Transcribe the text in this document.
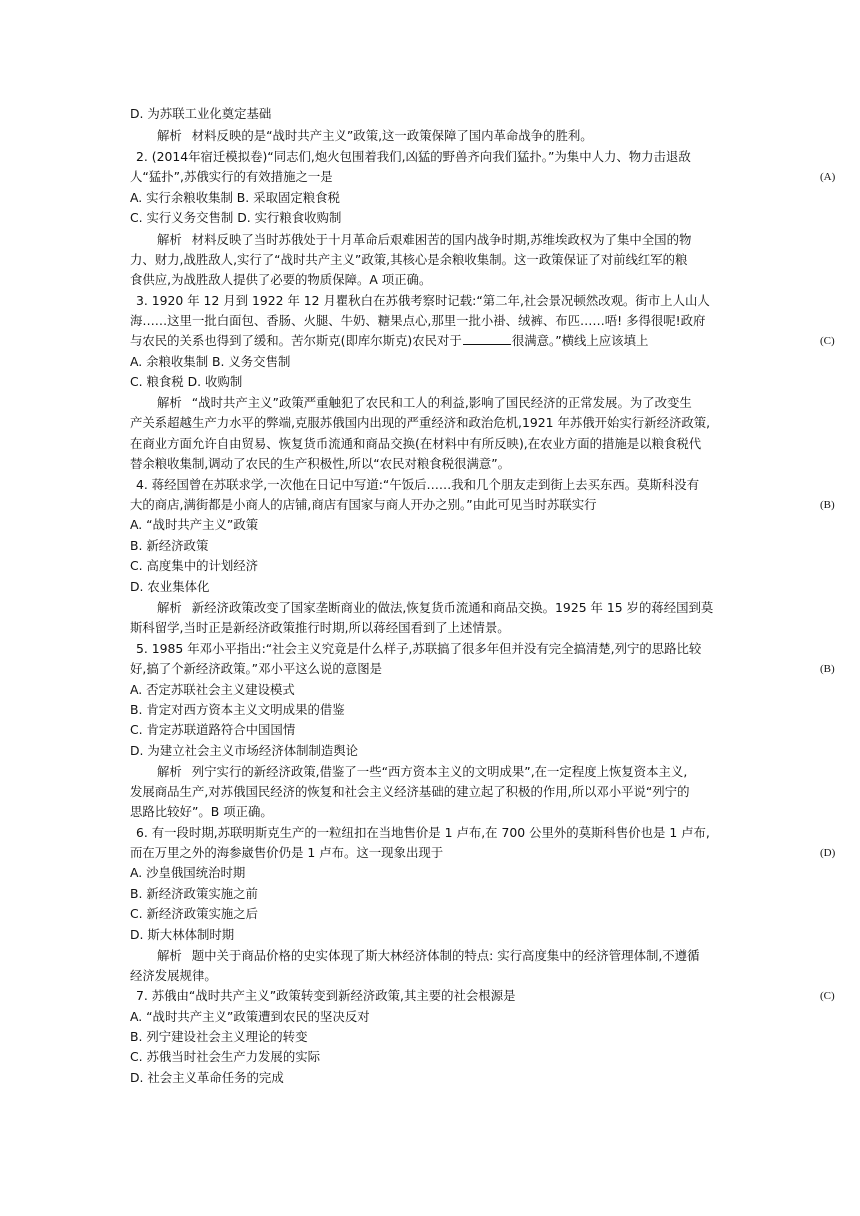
D. 为苏联工业化奠定基础
解析 材料反映的是“战时共产主义”政策,这一政策保障了国内革命战争的胜利。
2. (2014年宿迁模拟卷)“同志们,炮火包围着我们,凶猛的野兽齐向我们猛扑。”为集中人力、物力击退敌
人“猛扑”,苏俄实行的有效措施之一是	(A)
A. 实行余粮收集制 B. 采取固定粮食税
C. 实行义务交售制 D. 实行粮食收购制
解析 材料反映了当时苏俄处于十月革命后艰难困苦的国内战争时期,苏维埃政权为了集中全国的物
力、财力,战胜敌人,实行了“战时共产主义”政策,其核心是余粮收集制。这一政策保证了对前线红军的粮
食供应,为战胜敌人提供了必要的物质保障。A 项正确。
3. 1920 年 12 月到 1922 年 12 月瞿秋白在苏俄考察时记载:“第二年,社会景况顿然改观。街市上人山人
海……这里一批白面包、香肠、火腿、牛奶、糖果点心,那里一批小褂、绒裤、布匹……唔! 多得很呢!政府
与农民的关系也得到了缓和。苦尔斯克(即库尔斯克)农民对于	很满意。”横线上应该填上	(C)
A. 余粮收集制 B. 义务交售制
C. 粮食税 D. 收购制
解析 “战时共产主义”政策严重触犯了农民和工人的利益,影响了国民经济的正常发展。为了改变生
产关系超越生产力水平的弊端,克服苏俄国内出现的严重经济和政治危机,1921 年苏俄开始实行新经济政策,
在商业方面允许自由贸易、恢复货币流通和商品交换(在材料中有所反映),在农业方面的措施是以粮食税代
替余粮收集制,调动了农民的生产积极性,所以“农民对粮食税很满意”。
4. 蒋经国曾在苏联求学,一次他在日记中写道:“午饭后……我和几个朋友走到街上去买东西。莫斯科没有
大的商店,满街都是小商人的店铺,商店有国家与商人开办之别。”由此可见当时苏联实行	(B)
A. “战时共产主义”政策
B. 新经济政策
C. 高度集中的计划经济
D. 农业集体化
解析 新经济政策改变了国家垄断商业的做法,恢复货币流通和商品交换。1925 年 15 岁的蒋经国到莫
斯科留学,当时正是新经济政策推行时期,所以蒋经国看到了上述情景。
5. 1985 年邓小平指出:“社会主义究竟是什么样子,苏联搞了很多年但并没有完全搞清楚,列宁的思路比较
好,搞了个新经济政策。”邓小平这么说的意图是	(B)
A. 否定苏联社会主义建设模式
B. 肯定对西方资本主义文明成果的借鉴
C. 肯定苏联道路符合中国国情
D. 为建立社会主义市场经济体制制造舆论
解析 列宁实行的新经济政策,借鉴了一些“西方资本主义的文明成果”,在一定程度上恢复资本主义,
发展商品生产,对苏俄国民经济的恢复和社会主义经济基础的建立起了积极的作用,所以邓小平说“列宁的
思路比较好”。B 项正确。
6. 有一段时期,苏联明斯克生产的一粒纽扣在当地售价是 1 卢布,在 700 公里外的莫斯科售价也是 1 卢布,
而在万里之外的海参崴售价仍是 1 卢布。这一现象出现于	(D)
A. 沙皇俄国统治时期
B. 新经济政策实施之前
C. 新经济政策实施之后
D. 斯大林体制时期
解析 题中关于商品价格的史实体现了斯大林经济体制的特点: 实行高度集中的经济管理体制,不遵循
经济发展规律。
7. 苏俄由“战时共产主义”政策转变到新经济政策,其主要的社会根源是	(C)
A. “战时共产主义”政策遭到农民的坚决反对
B. 列宁建设社会主义理论的转变
C. 苏俄当时社会生产力发展的实际
D. 社会主义革命任务的完成
